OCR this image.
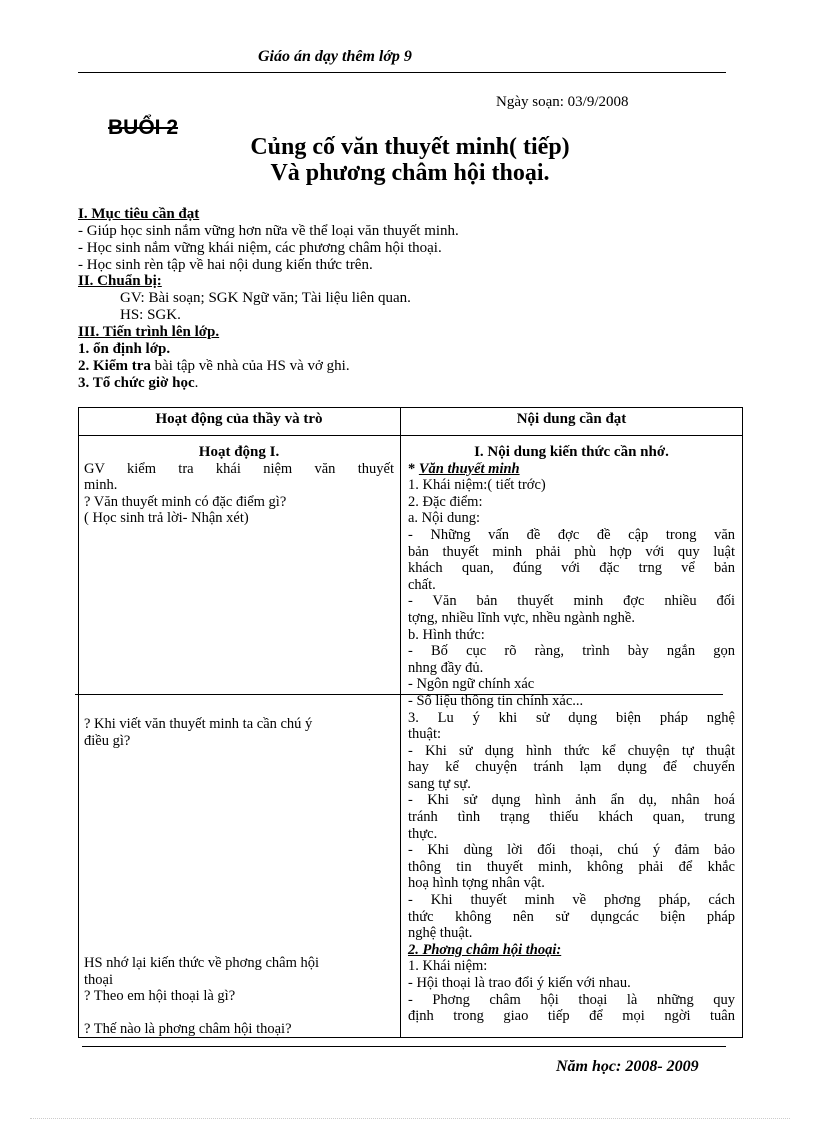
Giáo án dạy thêm lớp 9
Ngày soạn: 03/9/2008
BUỔI 2
Củng cố văn thuyết minh( tiếp)
Và phương châm hội thoại.
I. Mục tiêu cần đạt
- Giúp học sinh nắm vững hơn nữa về thể loại văn thuyết minh.
- Học sinh nắm vững khái niệm, các phương châm hội thoại.
- Học sinh rèn tập về hai nội dung kiến thức trên.
II. Chuẩn bị:
GV: Bài soạn; SGK Ngữ văn; Tài liệu liên quan.
HS: SGK.
III. Tiến trình lên lớp.
1. ổn định lớp.
2. Kiểm tra bài tập về nhà của HS và vở ghi.
3. Tổ chức giờ học.
Hoạt động của thầy và trò	Nội dung cần đạt

Hoạt động I.

GV kiểm tra khái niệm văn thuyết

minh.

? Văn thuyết minh có đặc điểm gì?

( Học sinh trả lời- Nhận xét)

? Khi viết văn thuyết minh ta cần chú ý

điều gì?

HS nhớ lại kiến thức về phơng châm hội

thoại

? Theo em hội thoại là gì?

? Thế nào là phơng châm hội thoại?

I. Nội dung kiến thức cần nhớ.

* Văn thuyết minh

1. Khái niệm:( tiết trớc)

2. Đặc điểm:

a. Nội dung:

- Những vấn đề đợc đề cập trong văn

bản thuyết minh phải phù hợp với quy luật

khách quan, đúng với đặc trng vể bản

chất.

- Văn bản thuyết minh đợc nhiều đối

tợng, nhiều lĩnh vực, nhều ngành nghề.

b. Hình thức:

- Bố cục rõ ràng, trình bày ngắn gọn

nhng đầy đủ.

- Ngôn ngữ chính xác

- Số liệu thông tin chính xác...

3. Lu ý khi sử dụng biện pháp nghệ

thuật:

- Khi sử dụng hình thức kể chuyện tự thuật

hay kể chuyện tránh lạm dụng để chuyển

sang tự sự.

- Khi sử dụng hình ảnh ẩn dụ, nhân hoá

tránh tình trạng thiếu khách quan, trung

thực.

- Khi dùng lời đối thoại, chú ý đảm bảo

thông tin thuyết minh, không phải để khắc

hoạ hình tợng nhân vật.

- Khi thuyết minh về phơng pháp, cách

thức không nên sử dụngcác biện pháp

nghệ thuật.

2. Phơng châm hội thoại:

1. Khái niệm:

- Hội thoại là trao đổi ý kiến với nhau.

- Phơng châm hội thoại là những quy

định trong giao tiếp để mọi ngời tuân

Năm học: 2008- 2009
